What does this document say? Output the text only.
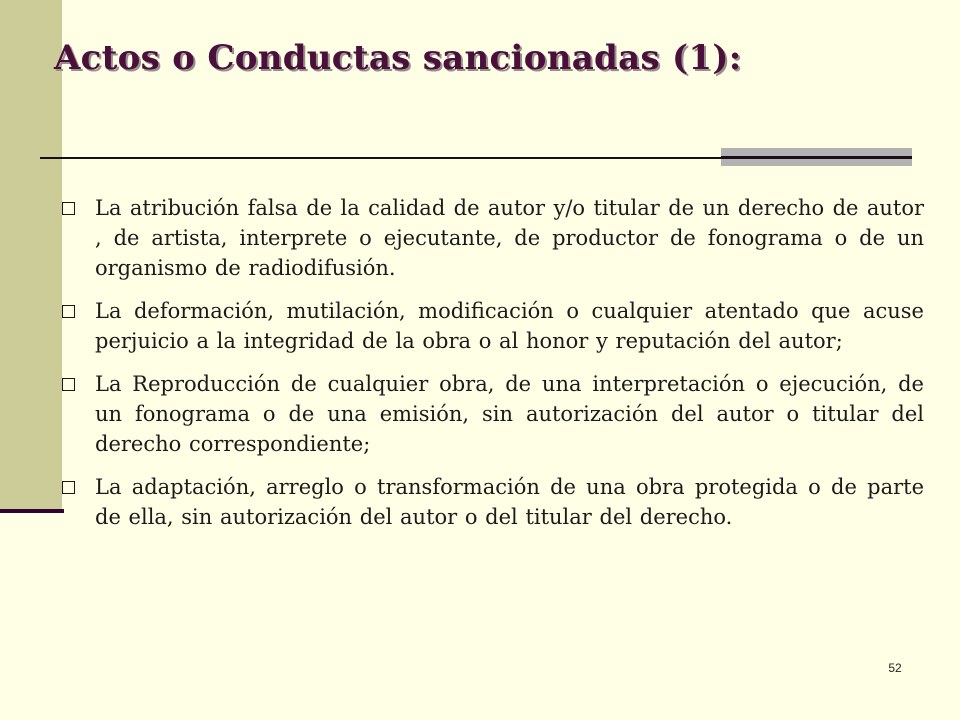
Actos o Conductas sancionadas (1):
La atribución falsa de la calidad de autor y/o titular de un derecho de autor , de artista, interprete o ejecutante, de productor de fonograma o de un organismo de radiodifusión.
La deformación, mutilación, modificación o cualquier atentado que acuse perjuicio a la integridad de la obra o al honor y reputación del autor;
La Reproducción de cualquier obra, de una interpretación o ejecución, de un fonograma o de una emisión, sin autorización del autor o titular del derecho correspondiente;
La adaptación, arreglo o transformación de una obra protegida o de parte de ella, sin autorización del autor o del titular del derecho.
52
